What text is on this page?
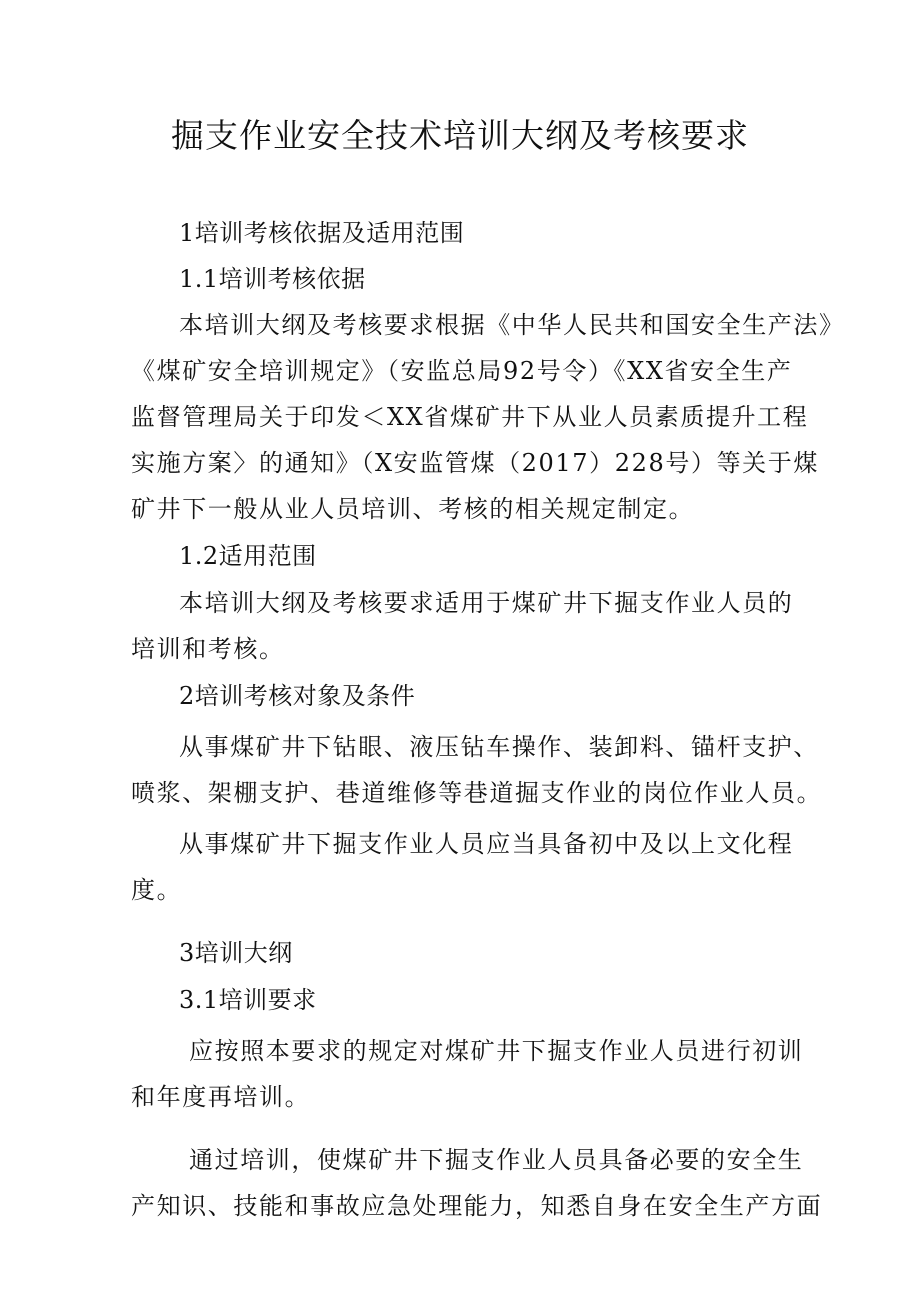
掘支作业安全技术培训大纲及考核要求

1培训考核依据及适用范围

1.1培训考核依据

本培训大纲及考核要求根据《中华人民共和国安全生产法》

《煤矿安全培训规定》（安监总局92号令）《XX省安全生产

监督管理局关于印发＜XX省煤矿井下从业人员素质提升工程

实施方案〉的通知》（X安监管煤（2017）228号）等关于煤

矿井下一般从业人员培训、考核的相关规定制定。

1.2适用范围

本培训大纲及考核要求适用于煤矿井下掘支作业人员的

培训和考核。

2培训考核对象及条件

从事煤矿井下钻眼、液压钻车操作、装卸料、锚杆支护、

喷浆、架棚支护、巷道维修等巷道掘支作业的岗位作业人员。

从事煤矿井下掘支作业人员应当具备初中及以上文化程

度。

3培训大纲

3.1培训要求

应按照本要求的规定对煤矿井下掘支作业人员进行初训

和年度再培训。

通过培训，使煤矿井下掘支作业人员具备必要的安全生

产知识、技能和事故应急处理能力，知悉自身在安全生产方面
